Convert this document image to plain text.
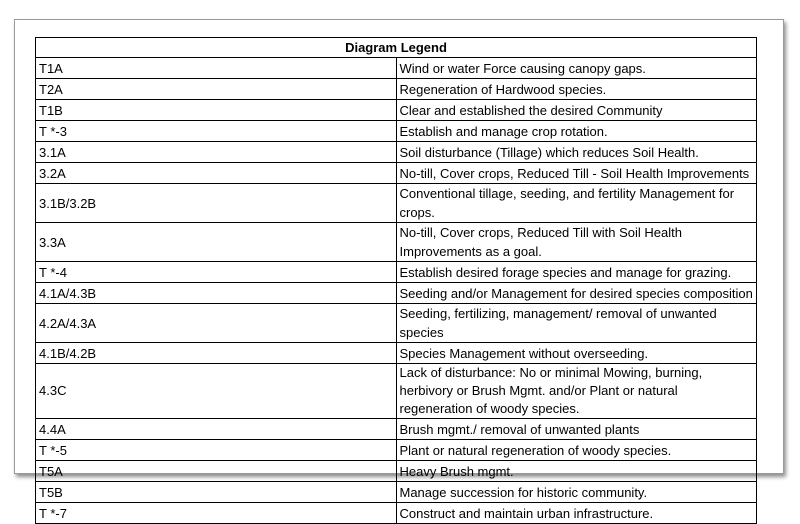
Diagram Legend	
T1A	Wind or water Force causing canopy gaps.
T2A	Regeneration of Hardwood species.
T1B	Clear and established the desired Community
T *-3	Establish and manage crop rotation.
3.1A	Soil disturbance (Tillage) which reduces Soil Health.
3.2A	No-till, Cover crops, Reduced Till - Soil Health Improvements
3.1B/3.2B	Conventional tillage, seeding, and fertility Management for crops.
3.3A	No-till, Cover crops, Reduced Till with Soil Health Improvements as a goal.
T *-4	Establish desired forage species and manage for grazing.
4.1A/4.3B	Seeding and/or Management for desired species composition
4.2A/4.3A	Seeding, fertilizing, management/ removal of unwanted species
4.1B/4.2B	Species Management without overseeding.
4.3C	Lack of disturbance: No or minimal Mowing, burning, herbivory or Brush Mgmt. and/or Plant or natural regeneration of woody species.
4.4A	Brush mgmt./ removal of unwanted plants
T *-5	Plant or natural regeneration of woody species.
T5A	Heavy Brush mgmt.
T5B	Manage succession for historic community.
T *-7	Construct and maintain urban infrastructure.
